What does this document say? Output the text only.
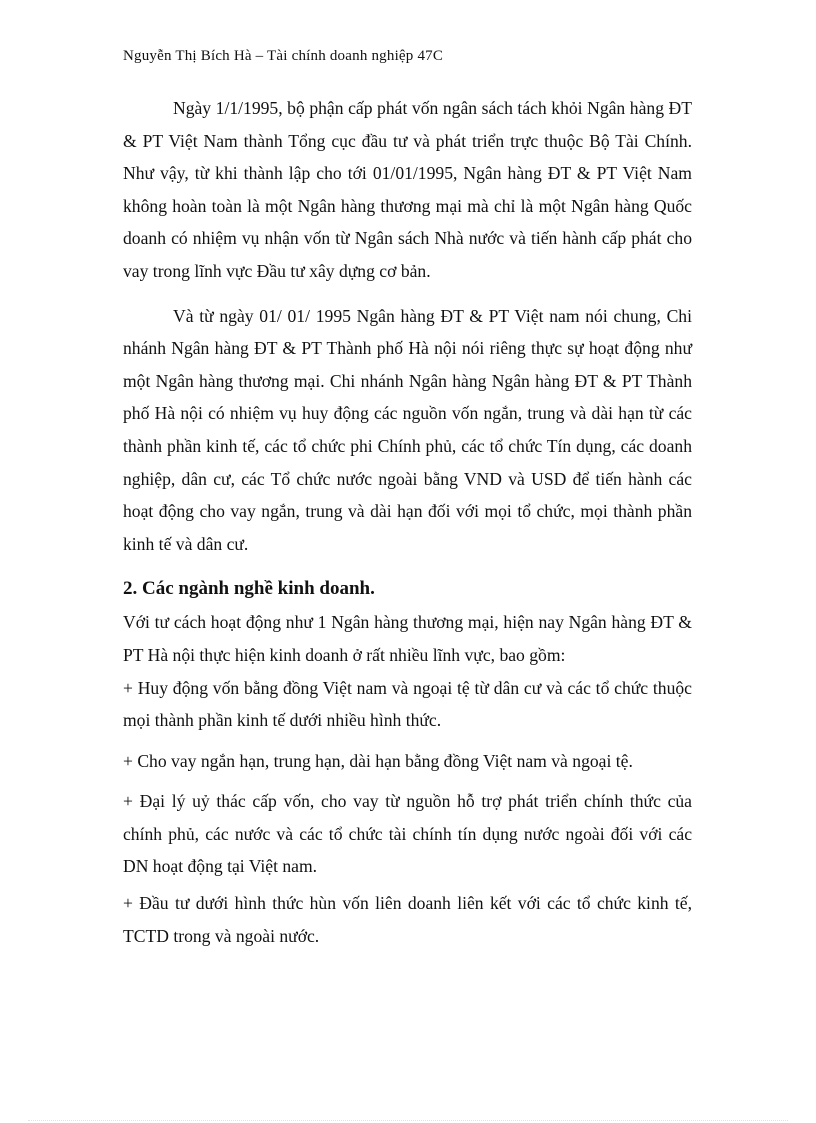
Nguyễn Thị Bích Hà – Tài chính doanh nghiệp 47C

Ngày 1/1/1995, bộ phận cấp phát vốn ngân sách tách khỏi Ngân hàng ĐT & PT Việt Nam thành Tổng cục đầu tư và phát triển trực thuộc Bộ Tài Chính. Như vậy, từ khi thành lập cho tới 01/01/1995, Ngân hàng ĐT & PT Việt Nam không hoàn toàn là một Ngân hàng thương mại mà chỉ là một Ngân hàng Quốc doanh có nhiệm vụ nhận vốn từ Ngân sách Nhà nước và tiến hành cấp phát cho vay trong lĩnh vực Đầu tư xây dựng cơ bản.

Và từ ngày 01/ 01/ 1995 Ngân hàng ĐT & PT Việt nam nói chung, Chi nhánh Ngân hàng ĐT & PT Thành phố Hà nội nói riêng thực sự hoạt động như một Ngân hàng thương mại. Chi nhánh Ngân hàng Ngân hàng ĐT & PT Thành phố Hà nội có nhiệm vụ huy động các nguồn vốn ngắn, trung và dài hạn từ các thành phần kinh tế, các tổ chức phi Chính phủ, các tổ chức Tín dụng, các doanh nghiệp, dân cư, các Tổ chức nước ngoài bằng VND và USD để tiến hành các hoạt động cho vay ngắn, trung và dài hạn đối với mọi tổ chức, mọi thành phần kinh tế và dân cư.

2. Các ngành nghề kinh doanh.

Với tư cách hoạt động như 1 Ngân hàng thương mại, hiện nay Ngân hàng ĐT & PT Hà nội thực hiện kinh doanh ở rất nhiều lĩnh vực, bao gồm:

+ Huy động vốn bằng đồng Việt nam và ngoại tệ từ dân cư và các tổ chức thuộc mọi thành phần kinh tế dưới nhiều hình thức.

+ Cho vay ngắn hạn, trung hạn, dài hạn bằng đồng Việt nam và ngoại tệ.

+ Đại lý uỷ thác cấp vốn, cho vay từ nguồn hỗ trợ phát triển chính thức của chính phủ, các nước và các tổ chức tài chính tín dụng nước ngoài đối với các DN hoạt động tại Việt nam.

+ Đầu tư dưới hình thức hùn vốn liên doanh liên kết với các tổ chức kinh tế, TCTD trong và ngoài nước.
